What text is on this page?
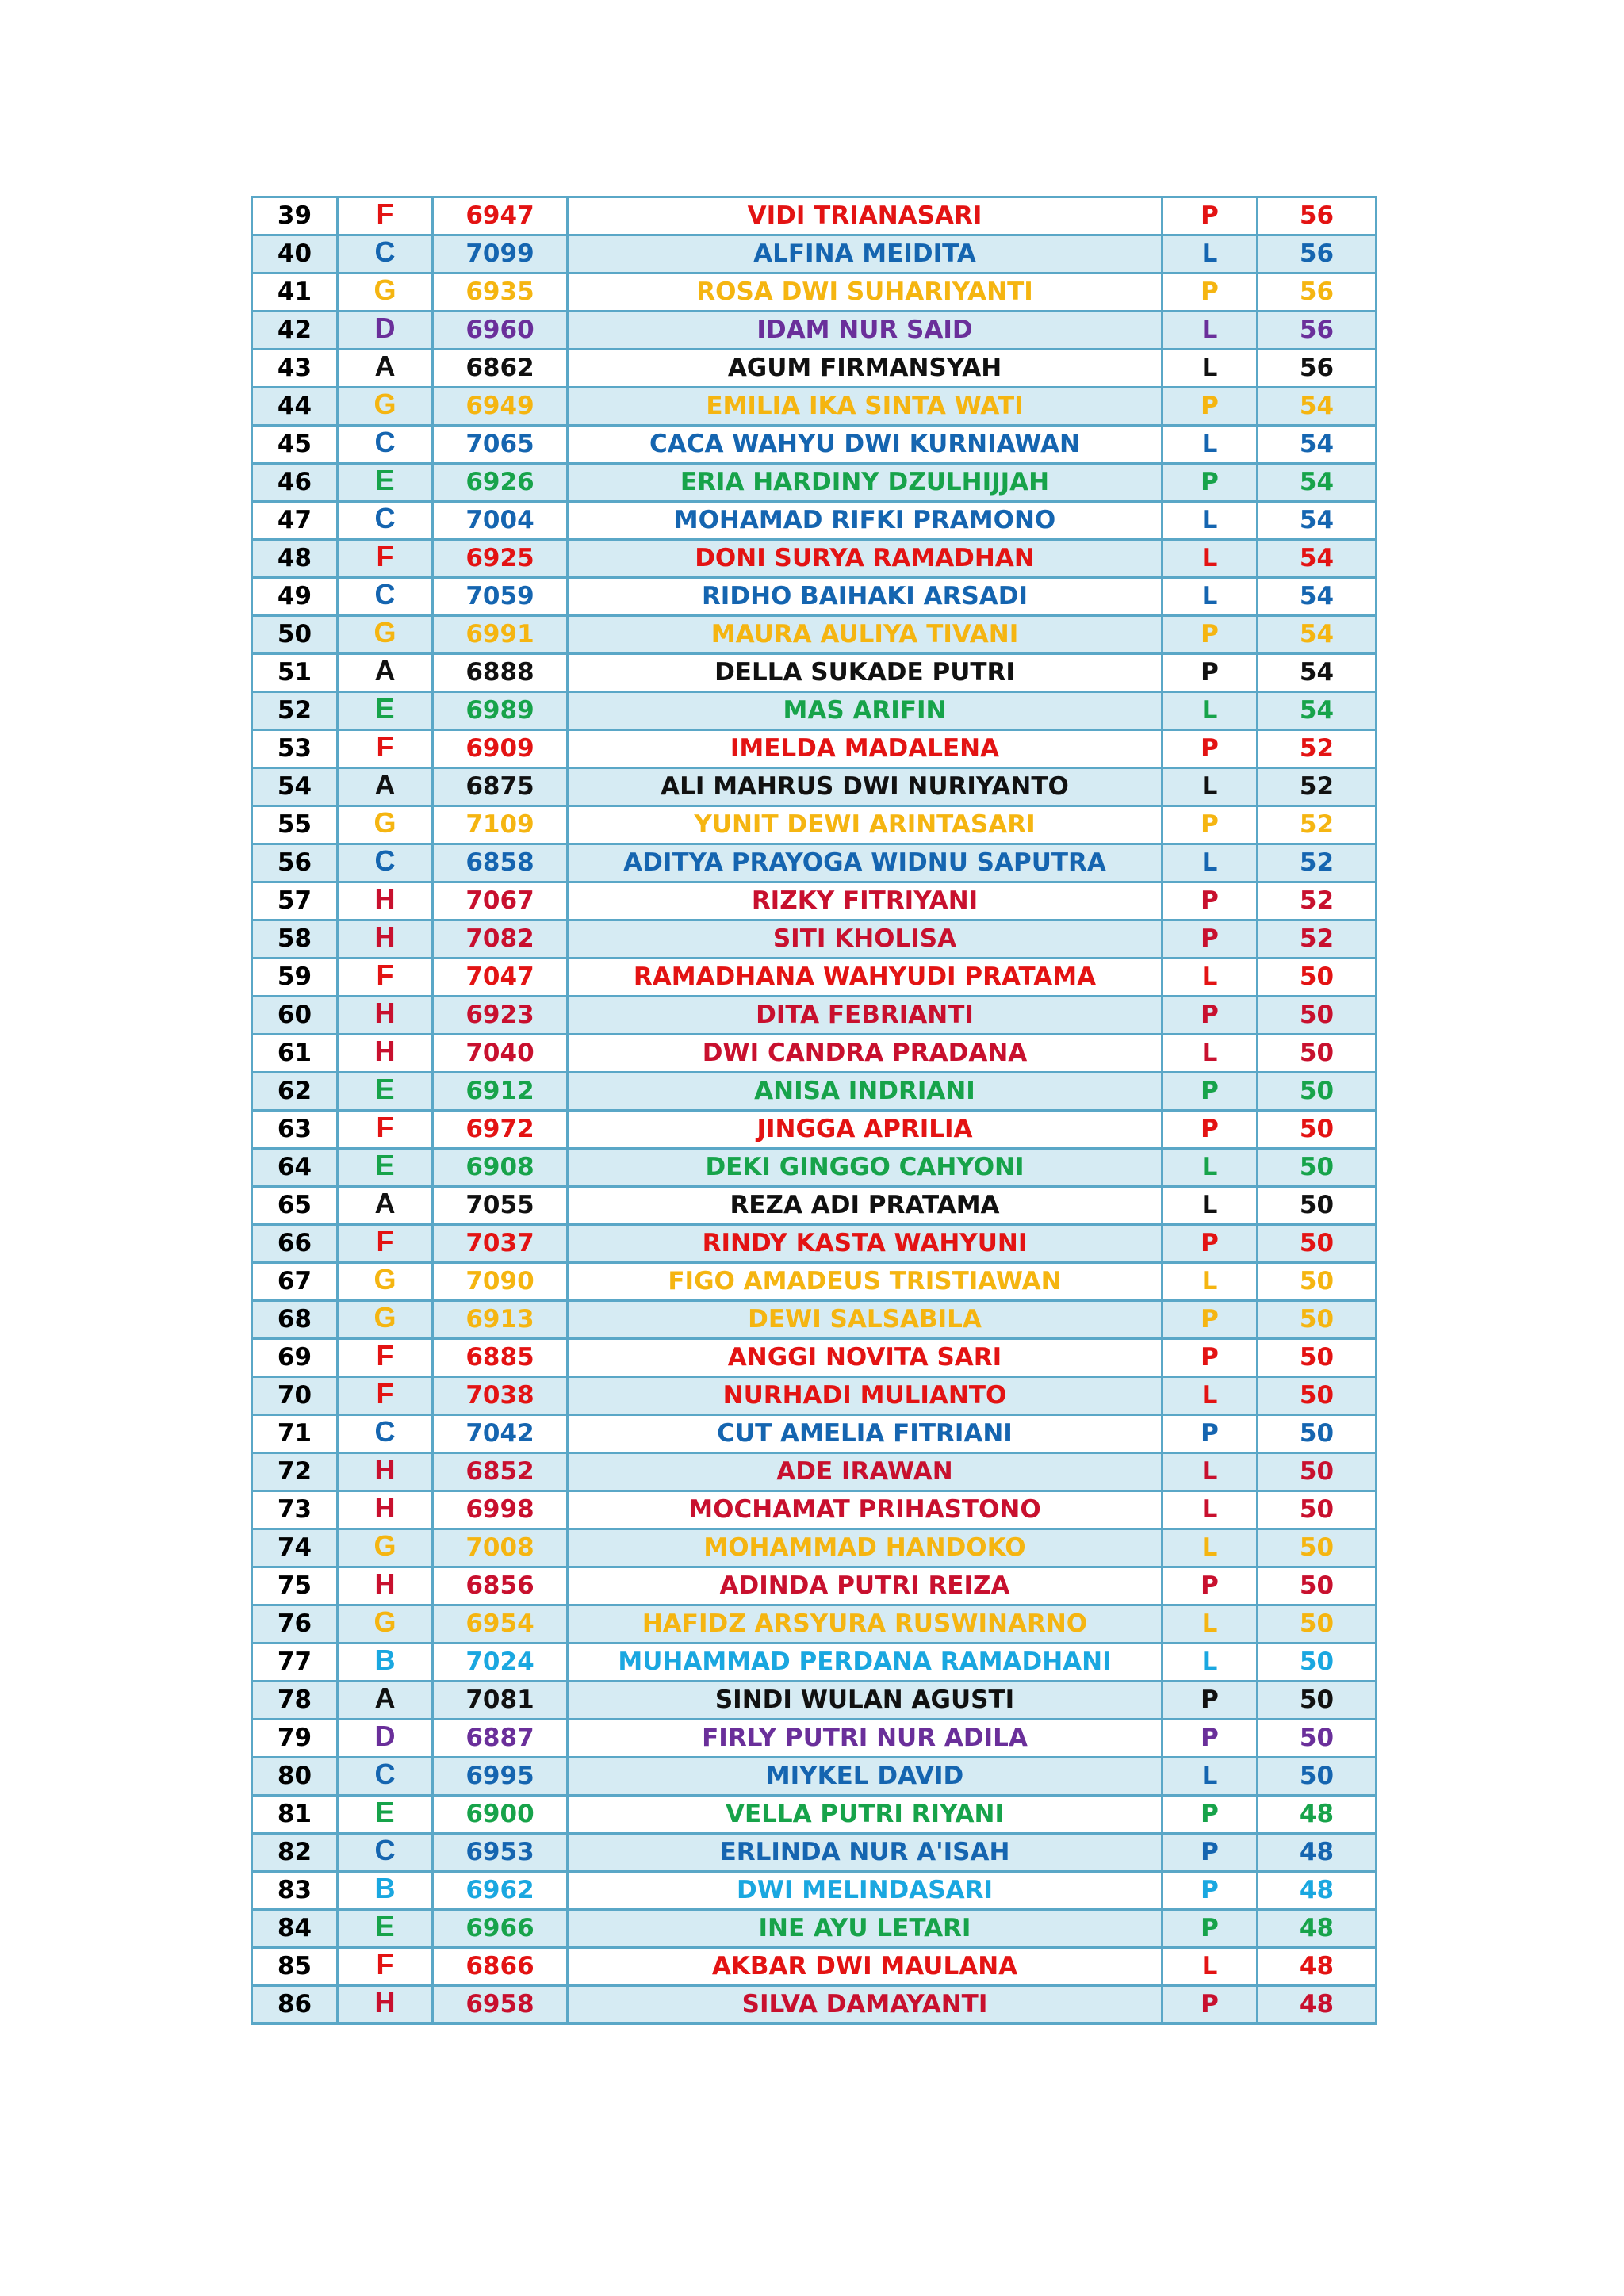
39	F	6947	VIDI TRIANASARI	P	56
40	C	7099	ALFINA MEIDITA	L	56
41	G	6935	ROSA DWI SUHARIYANTI	P	56
42	D	6960	IDAM NUR SAID	L	56
43	A	6862	AGUM FIRMANSYAH	L	56
44	G	6949	EMILIA IKA SINTA WATI	P	54
45	C	7065	CACA WAHYU DWI KURNIAWAN	L	54
46	E	6926	ERIA HARDINY DZULHIJJAH	P	54
47	C	7004	MOHAMAD RIFKI PRAMONO	L	54
48	F	6925	DONI SURYA RAMADHAN	L	54
49	C	7059	RIDHO BAIHAKI ARSADI	L	54
50	G	6991	MAURA AULIYA TIVANI	P	54
51	A	6888	DELLA SUKADE PUTRI	P	54
52	E	6989	MAS ARIFIN	L	54
53	F	6909	IMELDA MADALENA	P	52
54	A	6875	ALI MAHRUS DWI NURIYANTO	L	52
55	G	7109	YUNIT DEWI ARINTASARI	P	52
56	C	6858	ADITYA PRAYOGA WIDNU SAPUTRA	L	52
57	H	7067	RIZKY FITRIYANI	P	52
58	H	7082	SITI KHOLISA	P	52
59	F	7047	RAMADHANA WAHYUDI PRATAMA	L	50
60	H	6923	DITA FEBRIANTI	P	50
61	H	7040	DWI CANDRA PRADANA	L	50
62	E	6912	ANISA INDRIANI	P	50
63	F	6972	JINGGA APRILIA	P	50
64	E	6908	DEKI GINGGO CAHYONI	L	50
65	A	7055	REZA ADI PRATAMA	L	50
66	F	7037	RINDY KASTA WAHYUNI	P	50
67	G	7090	FIGO AMADEUS TRISTIAWAN	L	50
68	G	6913	DEWI SALSABILA	P	50
69	F	6885	ANGGI NOVITA SARI	P	50
70	F	7038	NURHADI MULIANTO	L	50
71	C	7042	CUT AMELIA FITRIANI	P	50
72	H	6852	ADE IRAWAN	L	50
73	H	6998	MOCHAMAT PRIHASTONO	L	50
74	G	7008	MOHAMMAD HANDOKO	L	50
75	H	6856	ADINDA PUTRI REIZA	P	50
76	G	6954	HAFIDZ ARSYURA RUSWINARNO	L	50
77	B	7024	MUHAMMAD PERDANA RAMADHANI	L	50
78	A	7081	SINDI WULAN AGUSTI	P	50
79	D	6887	FIRLY PUTRI NUR ADILA	P	50
80	C	6995	MIYKEL DAVID	L	50
81	E	6900	VELLA PUTRI RIYANI	P	48
82	C	6953	ERLINDA NUR A'ISAH	P	48
83	B	6962	DWI MELINDASARI	P	48
84	E	6966	INE AYU LETARI	P	48
85	F	6866	AKBAR DWI MAULANA	L	48
86	H	6958	SILVA DAMAYANTI	P	48
